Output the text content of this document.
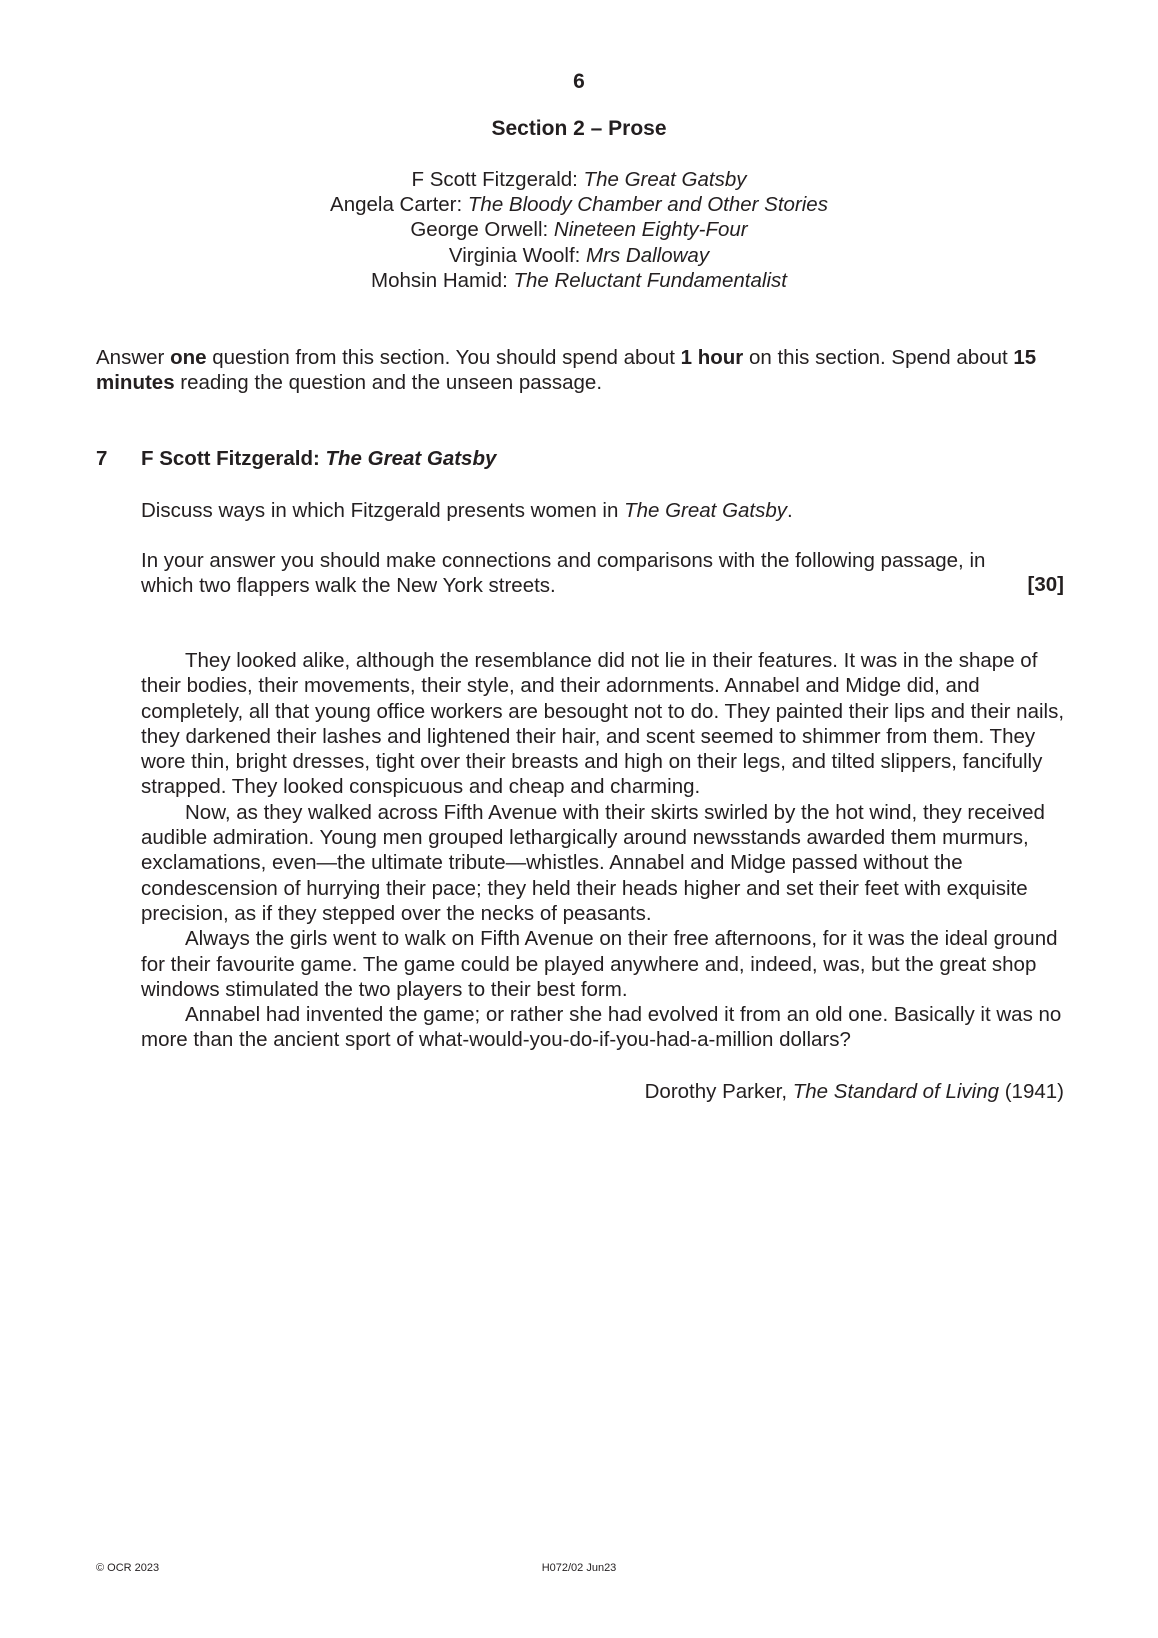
6
Section 2 – Prose
F Scott Fitzgerald: The Great Gatsby
Angela Carter: The Bloody Chamber and Other Stories
George Orwell: Nineteen Eighty-Four
Virginia Woolf: Mrs Dalloway
Mohsin Hamid: The Reluctant Fundamentalist
Answer one question from this section. You should spend about 1 hour on this section. Spend about 15 minutes reading the question and the unseen passage.
7 F Scott Fitzgerald: The Great Gatsby
Discuss ways in which Fitzgerald presents women in The Great Gatsby.
In your answer you should make connections and comparisons with the following passage, in which two flappers walk the New York streets.	[30]

They looked alike, although the resemblance did not lie in their features. It was in the shape of their bodies, their movements, their style, and their adornments. Annabel and Midge did, and completely, all that young office workers are besought not to do. They painted their lips and their nails, they darkened their lashes and lightened their hair, and scent seemed to shimmer from them. They wore thin, bright dresses, tight over their breasts and high on their legs, and tilted slippers, fancifully strapped. They looked conspicuous and cheap and charming.

Now, as they walked across Fifth Avenue with their skirts swirled by the hot wind, they received audible admiration. Young men grouped lethargically around newsstands awarded them murmurs, exclamations, even—the ultimate tribute—whistles. Annabel and Midge passed without the condescension of hurrying their pace; they held their heads higher and set their feet with exquisite precision, as if they stepped over the necks of peasants.

Always the girls went to walk on Fifth Avenue on their free afternoons, for it was the ideal ground for their favourite game. The game could be played anywhere and, indeed, was, but the great shop windows stimulated the two players to their best form.

Annabel had invented the game; or rather she had evolved it from an old one. Basically it was no more than the ancient sport of what-would-you-do-if-you-had-a-million dollars?

Dorothy Parker, The Standard of Living (1941)
© OCR 2023	H072/02 Jun23
